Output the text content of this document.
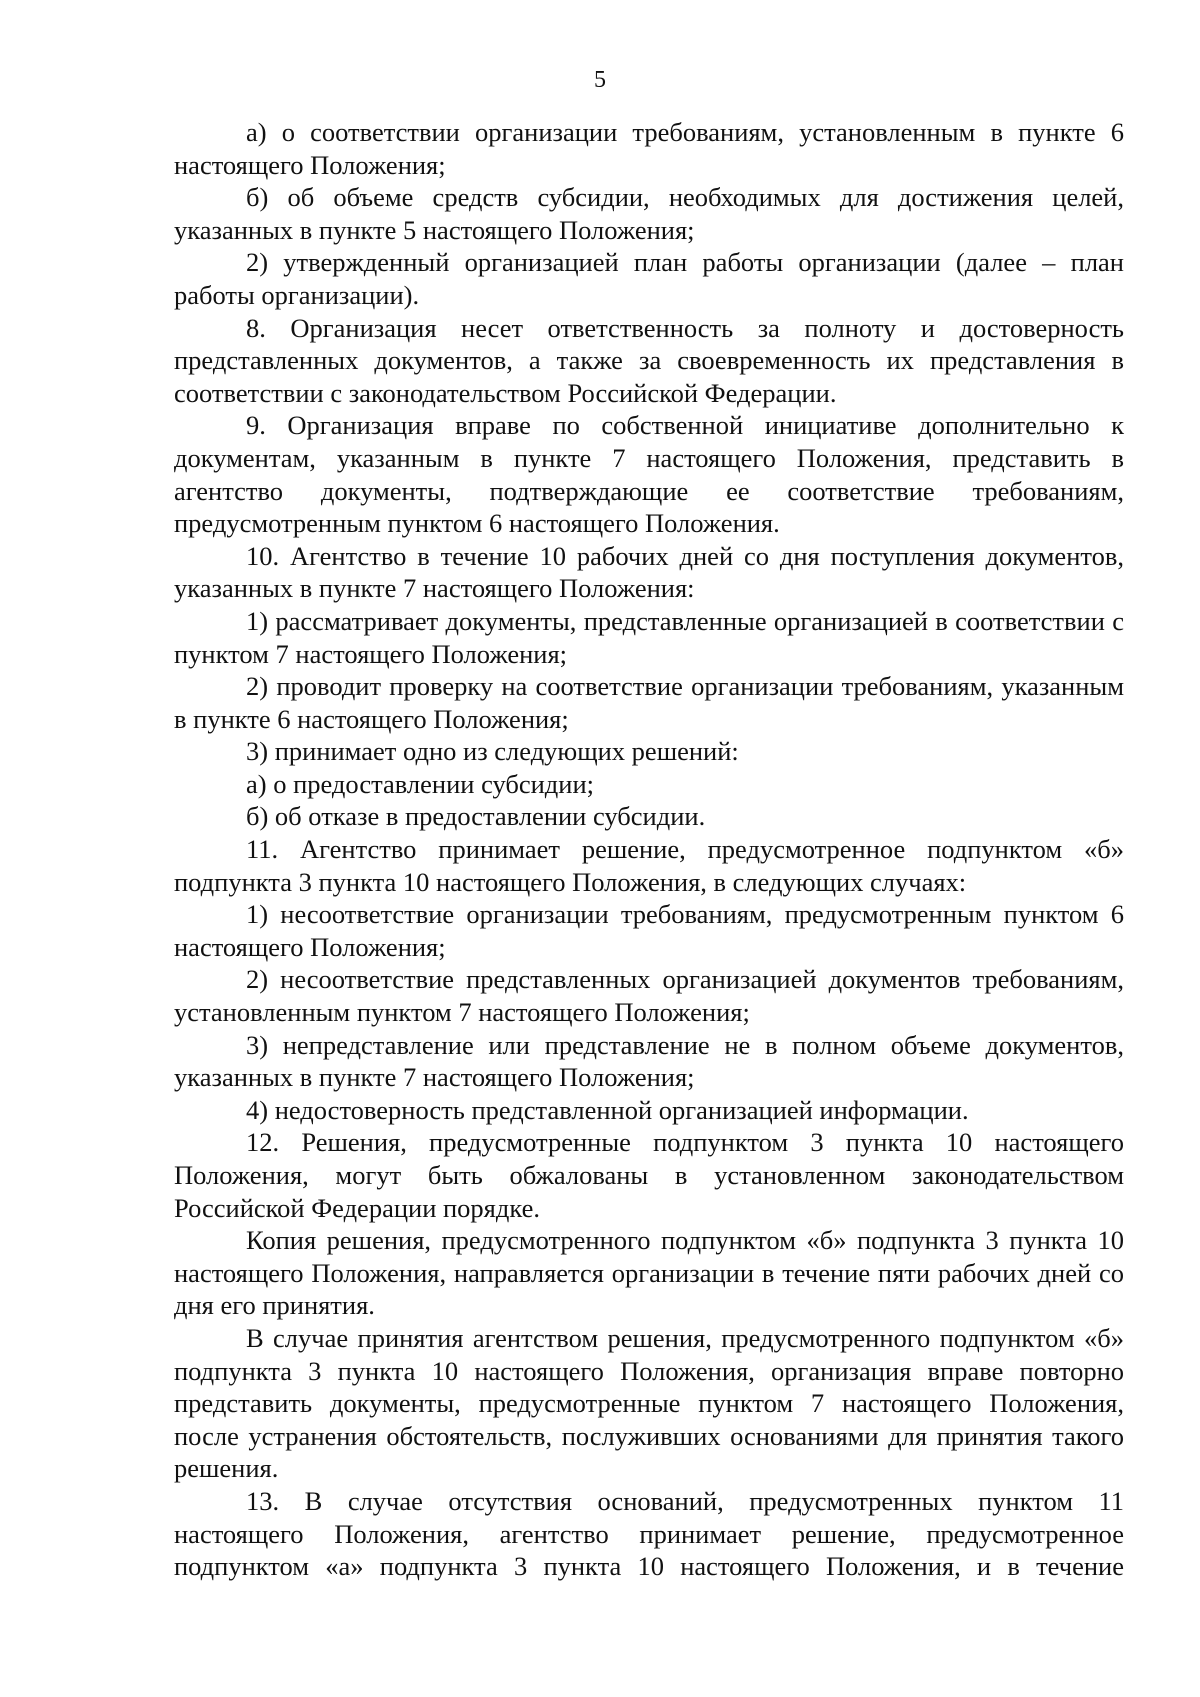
5

а) о соответствии организации требованиям, установленным в пункте 6 настоящего Положения;

б) об объеме средств субсидии, необходимых для достижения целей, указанных в пункте 5 настоящего Положения;

2) утвержденный организацией план работы организации (далее – план работы организации).

8. Организация несет ответственность за полноту и достоверность представленных документов, а также за своевременность их представления в соответствии с законодательством Российской Федерации.

9. Организация вправе по собственной инициативе дополнительно к документам, указанным в пункте 7 настоящего Положения, представить в агентство документы, подтверждающие ее соответствие требованиям, предусмотренным пунктом 6 настоящего Положения.

10. Агентство в течение 10 рабочих дней со дня поступления документов, указанных в пункте 7 настоящего Положения:

1) рассматривает документы, представленные организацией в соответствии с пунктом 7 настоящего Положения;

2) проводит проверку на соответствие организации требованиям, указанным в пункте 6 настоящего Положения;

3) принимает одно из следующих решений:

а) о предоставлении субсидии;

б) об отказе в предоставлении субсидии.

11. Агентство принимает решение, предусмотренное подпунктом «б» подпункта 3 пункта 10 настоящего Положения, в следующих случаях:

1) несоответствие организации требованиям, предусмотренным пунктом 6 настоящего Положения;

2) несоответствие представленных организацией документов требованиям, установленным пунктом 7 настоящего Положения;

3) непредставление или представление не в полном объеме документов, указанных в пункте 7 настоящего Положения;

4) недостоверность представленной организацией информации.

12. Решения, предусмотренные подпунктом 3 пункта 10 настоящего Положения, могут быть обжалованы в установленном законодательством Российской Федерации порядке.

Копия решения, предусмотренного подпунктом «б» подпункта 3 пункта 10 настоящего Положения, направляется организации в течение пяти рабочих дней со дня его принятия.

В случае принятия агентством решения, предусмотренного подпунктом «б» подпункта 3 пункта 10 настоящего Положения, организация вправе повторно представить документы, предусмотренные пунктом 7 настоящего Положения, после устранения обстоятельств, послуживших основаниями для принятия такого решения.

13. В случае отсутствия оснований, предусмотренных пунктом 11 настоящего Положения, агентство принимает решение, предусмотренное подпунктом «а» подпункта 3 пункта 10 настоящего Положения, и в течение
